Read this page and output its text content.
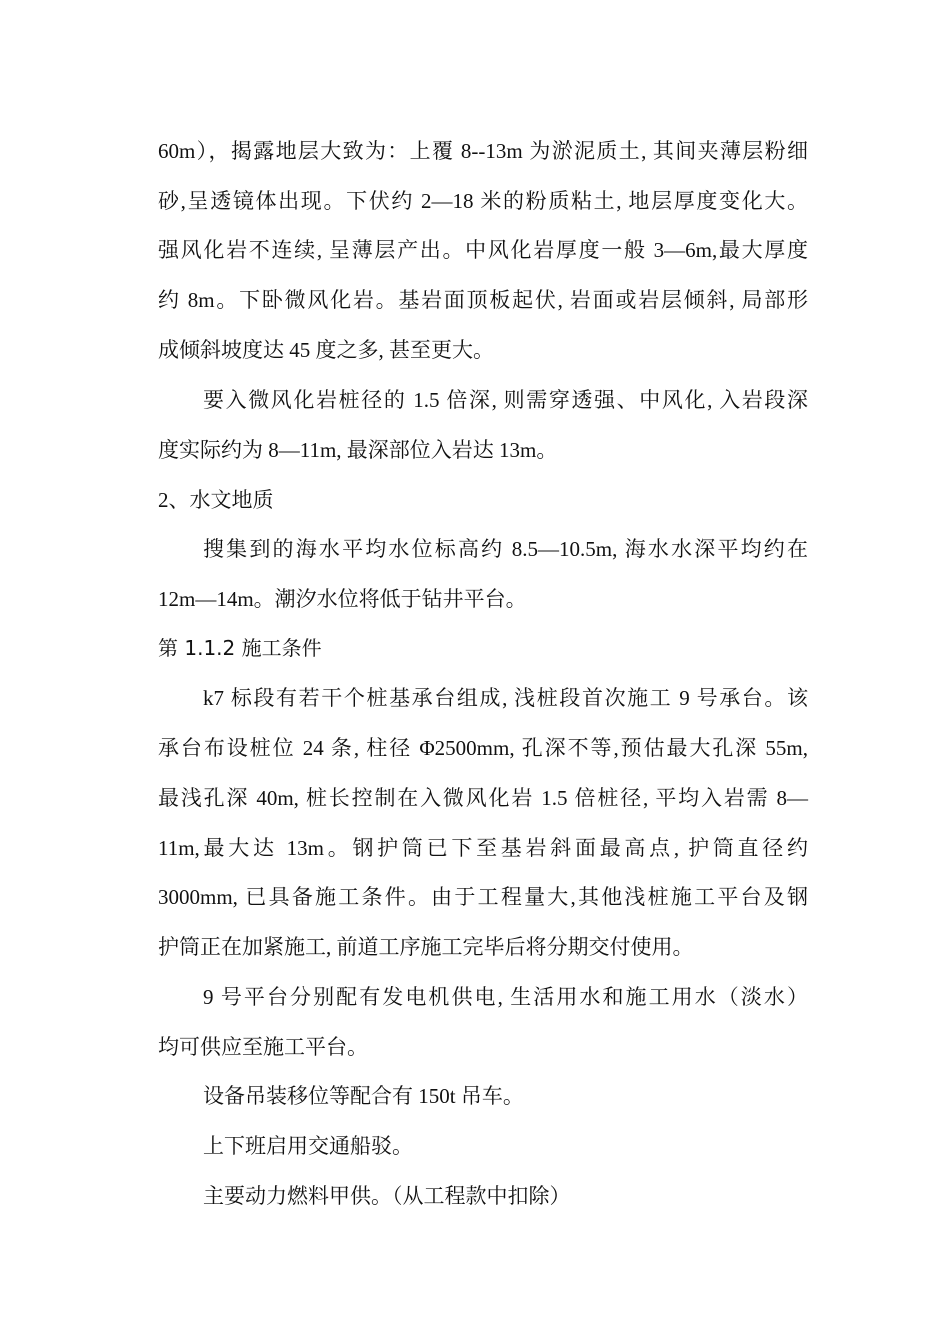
60m），揭露地层大致为：上覆 8--13m 为淤泥质土, 其间夹薄层粉细
砂,呈透镜体出现。下伏约 2—18 米的粉质粘土, 地层厚度变化大。
强风化岩不连续, 呈薄层产出。中风化岩厚度一般 3—6m,最大厚度
约 8m。下卧微风化岩。基岩面顶板起伏, 岩面或岩层倾斜, 局部形
成倾斜坡度达 45 度之多, 甚至更大。
要入微风化岩桩径的 1.5 倍深, 则需穿透强、中风化, 入岩段深
度实际约为 8—11m, 最深部位入岩达 13m。
2、水文地质
搜集到的海水平均水位标高约 8.5—10.5m, 海水水深平均约在
12m—14m。潮汐水位将低于钻井平台。
第 1.1.2 施工条件
k7 标段有若干个桩基承台组成, 浅桩段首次施工 9 号承台。该
承台布设桩位 24 条, 柱径 Φ2500mm, 孔深不等,预估最大孔深 55m,
最浅孔深 40m, 桩长控制在入微风化岩 1.5 倍桩径, 平均入岩需 8—
11m,最大达 13m。钢护筒已下至基岩斜面最高点, 护筒直径约
3000mm, 已具备施工条件。由于工程量大,其他浅桩施工平台及钢
护筒正在加紧施工, 前道工序施工完毕后将分期交付使用。
9 号平台分别配有发电机供电, 生活用水和施工用水（淡水）
均可供应至施工平台。
设备吊装移位等配合有 150t 吊车。
上下班启用交通船驳。
主要动力燃料甲供。（从工程款中扣除）
